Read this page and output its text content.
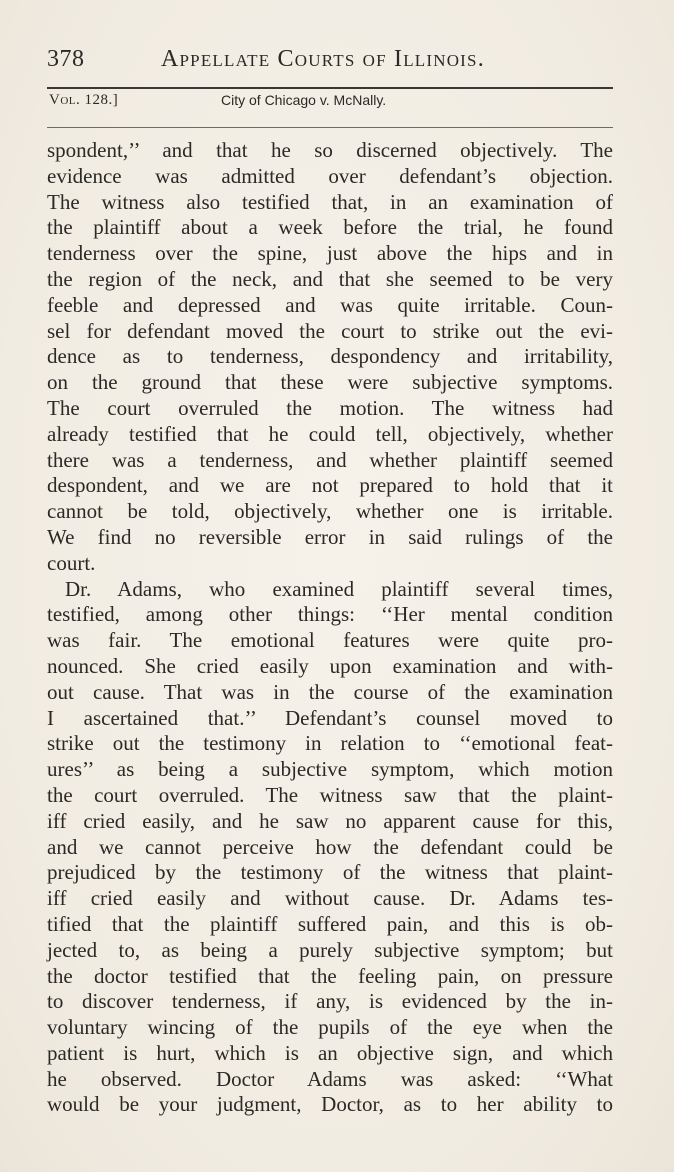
378	Appellate Courts of Illinois.
Vol. 128.]	City of Chicago v. McNally.
spondent,’’ and that he so discerned objectively. The
evidence was admitted over defendant’s objection.
The witness also testified that, in an examination of
the plaintiff about a week before the trial, he found
tenderness over the spine, just above the hips and in
the region of the neck, and that she seemed to be very
feeble and depressed and was quite irritable. Coun-
sel for defendant moved the court to strike out the evi-
dence as to tenderness, despondency and irritability,
on the ground that these were subjective symptoms.
The court overruled the motion. The witness had
already testified that he could tell, objectively, whether
there was a tenderness, and whether plaintiff seemed
despondent, and we are not prepared to hold that it
cannot be told, objectively, whether one is irritable.
We find no reversible error in said rulings of the
court.
Dr. Adams, who examined plaintiff several times,
testified, among other things: ‘‘Her mental condition
was fair. The emotional features were quite pro-
nounced. She cried easily upon examination and with-
out cause. That was in the course of the examination
I ascertained that.’’ Defendant’s counsel moved to
strike out the testimony in relation to ‘‘emotional feat-
ures’’ as being a subjective symptom, which motion
the court overruled. The witness saw that the plaint-
iff cried easily, and he saw no apparent cause for this,
and we cannot perceive how the defendant could be
prejudiced by the testimony of the witness that plaint-
iff cried easily and without cause. Dr. Adams tes-
tified that the plaintiff suffered pain, and this is ob-
jected to, as being a purely subjective symptom; but
the doctor testified that the feeling pain, on pressure
to discover tenderness, if any, is evidenced by the in-
voluntary wincing of the pupils of the eye when the
patient is hurt, which is an objective sign, and which
he observed. Doctor Adams was asked: ‘‘What
would be your judgment, Doctor, as to her ability to
